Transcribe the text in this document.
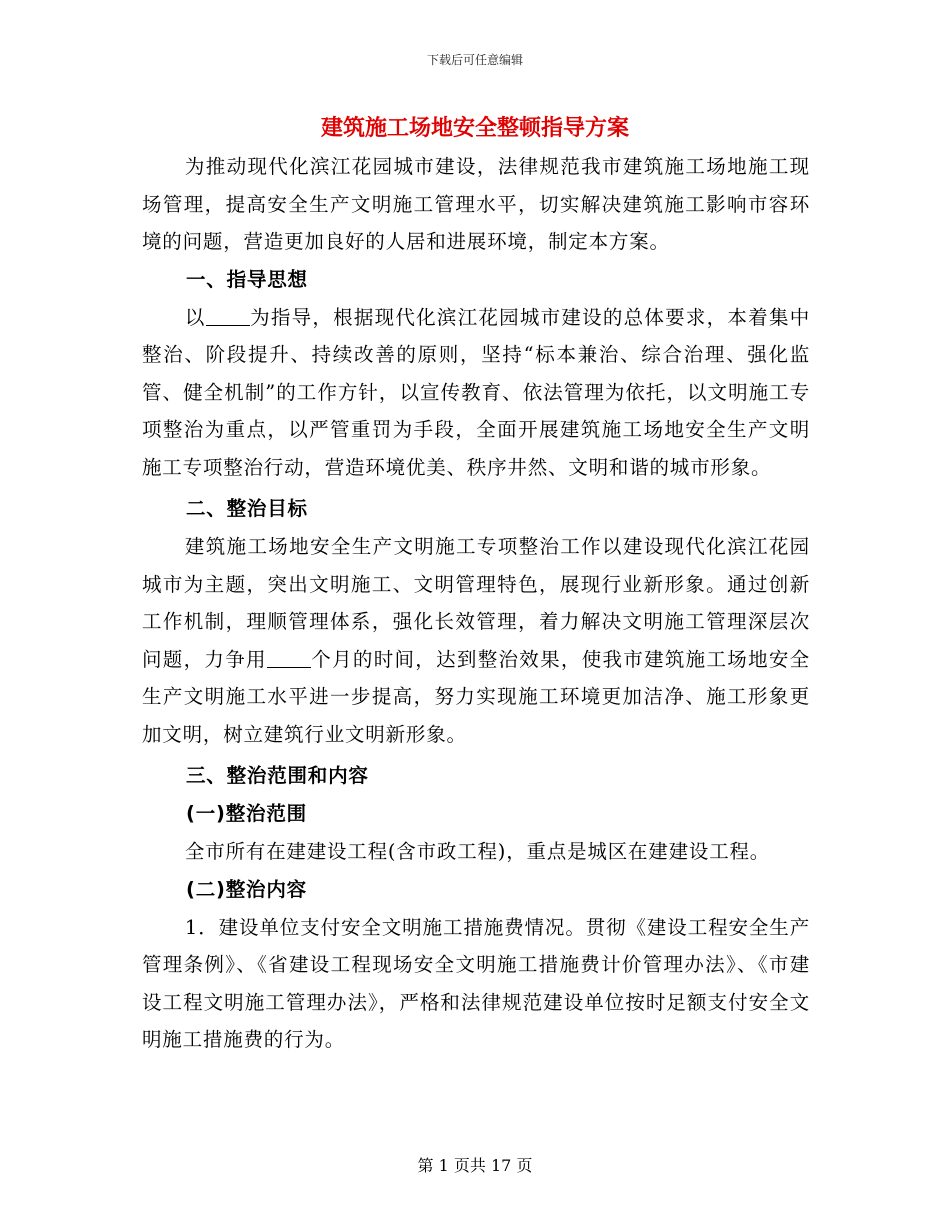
下载后可任意编辑
建筑施工场地安全整顿指导方案

为推动现代化滨江花园城市建设，法律规范我市建筑施工场地施工现场管理，提高安全生产文明施工管理水平，切实解决建筑施工影响市容环境的问题，营造更加良好的人居和进展环境，制定本方案。

一、指导思想

以 为指导，根据现代化滨江花园城市建设的总体要求，本着集中整治、阶段提升、持续改善的原则，坚持“标本兼治、综合治理、强化监管、健全机制”的工作方针，以宣传教育、依法管理为依托，以文明施工专项整治为重点，以严管重罚为手段，全面开展建筑施工场地安全生产文明施工专项整治行动，营造环境优美、秩序井然、文明和谐的城市形象。

二、整治目标

建筑施工场地安全生产文明施工专项整治工作以建设现代化滨江花园城市为主题，突出文明施工、文明管理特色，展现行业新形象。通过创新工作机制，理顺管理体系，强化长效管理，着力解决文明施工管理深层次问题，力争用 个月的时间，达到整治效果，使我市建筑施工场地安全生产文明施工水平进一步提高，努力实现施工环境更加洁净、施工形象更加文明，树立建筑行业文明新形象。

三、整治范围和内容

(一)整治范围

全市所有在建建设工程(含市政工程)，重点是城区在建建设工程。

(二)整治内容

1．建设单位支付安全文明施工措施费情况。贯彻《建设工程安全生产管理条例》、《省建设工程现场安全文明施工措施费计价管理办法》、《市建设工程文明施工管理办法》，严格和法律规范建设单位按时足额支付安全文明施工措施费的行为。

第 1 页共 17 页
